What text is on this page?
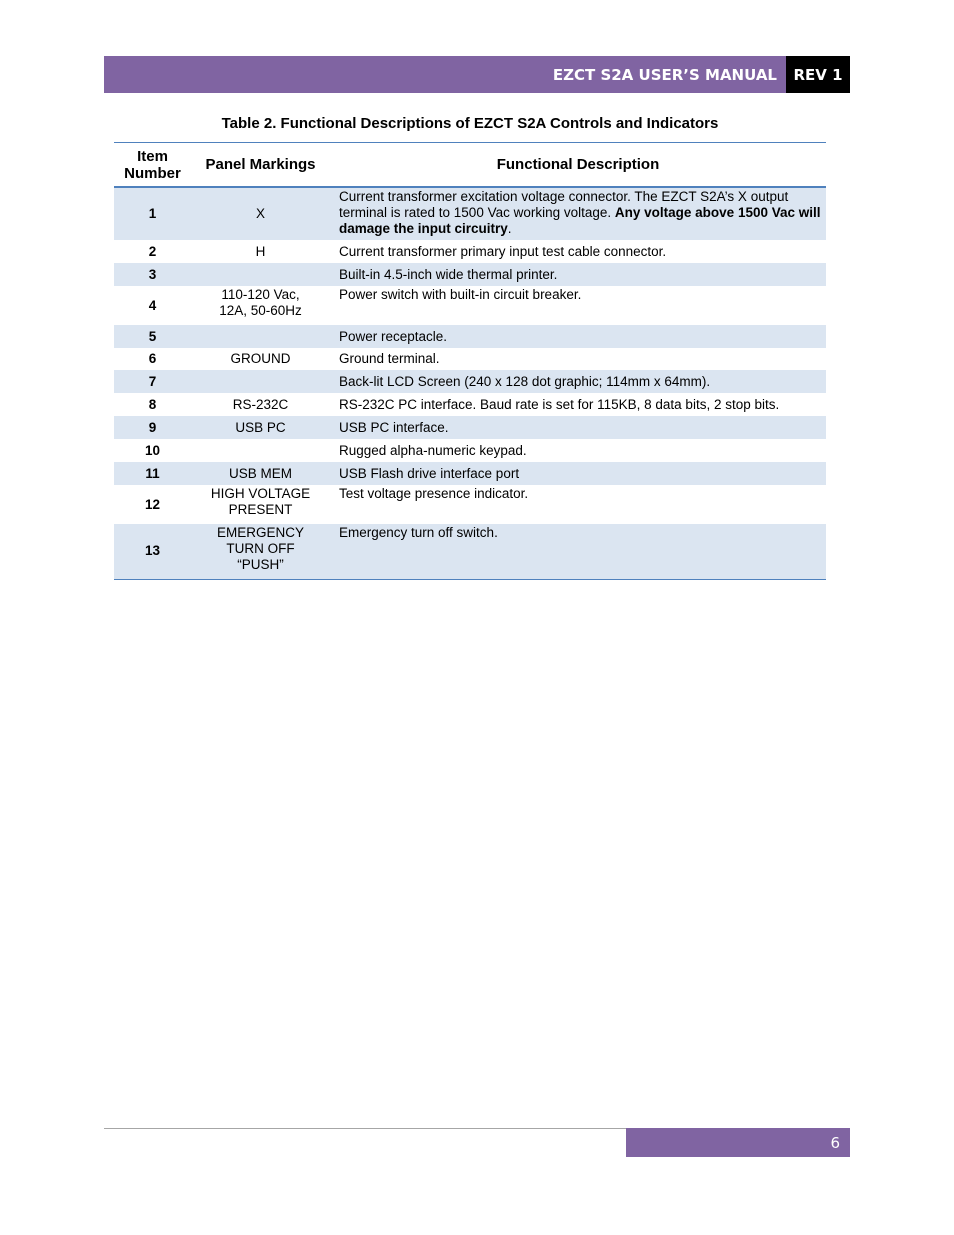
EZCT S2A USER’S MANUAL REV 1
Table 2. Functional Descriptions of EZCT S2A Controls and Indicators
Item Number	Panel Markings	Functional Description
1	X	Current transformer excitation voltage connector. The EZCT S2A’s X output terminal is rated to 1500 Vac working voltage. Any voltage above 1500 Vac will damage the input circuitry.
2	H	Current transformer primary input test cable connector.
3		Built-in 4.5-inch wide thermal printer.
4	110-120 Vac, 12A, 50-60Hz	Power switch with built-in circuit breaker.
5		Power receptacle.
6	GROUND	Ground terminal.
7		Back-lit LCD Screen (240 x 128 dot graphic; 114mm x 64mm).
8	RS-232C	RS-232C PC interface. Baud rate is set for 115KB, 8 data bits, 2 stop bits.
9	USB PC	USB PC interface.
10		Rugged alpha-numeric keypad.
11	USB MEM	USB Flash drive interface port
12	HIGH VOLTAGE PRESENT	Test voltage presence indicator.
13	EMERGENCY TURN OFF “PUSH”	Emergency turn off switch.
6
